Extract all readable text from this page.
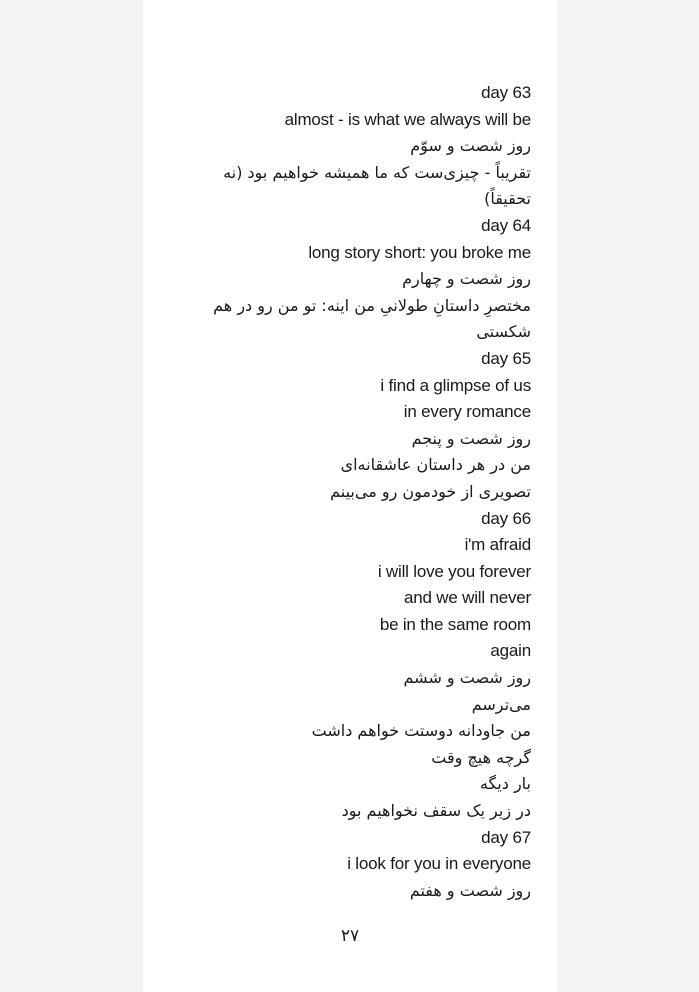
day 63
almost - is what we always will be
روز شصت و سوّم
تقریباً - چیزی‌ست که ما همیشه خواهیم بود (نه
تحقیقاً)
day 64
long story short: you broke me
روز شصت و چهارم
مختصرِ داستانِ طولانیِ من اینه: تو من رو در هم
شکستی
day 65
i find a glimpse of us
in every romance
روز شصت و پنجم
من در هر داستان عاشقانه‌ای
تصویری از خودمون رو می‌بینم
day 66
i'm afraid
i will love you forever
and we will never
be in the same room
again
روز شصت و ششم
می‌ترسم
من جاودانه دوستت خواهم داشت
گرچه هیچ وقت
بار دیگه
در زیر یک سقف نخواهیم بود
day 67
i look for you in everyone
روز شصت و هفتم
۲۷
